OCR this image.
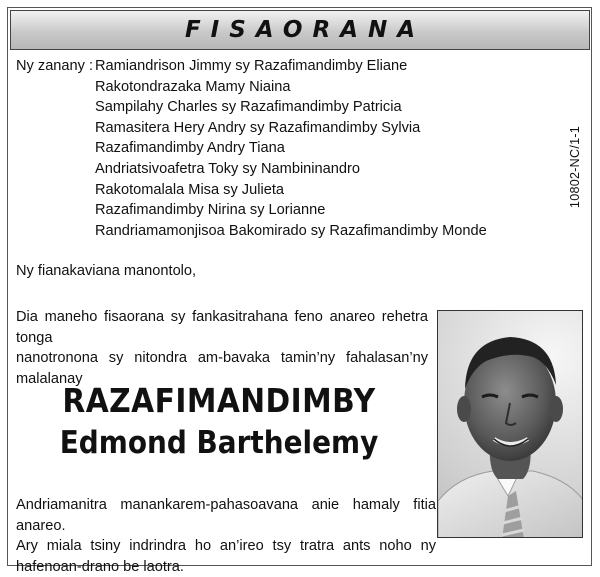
FISAORANA
Ny zanany : Ramiandrison Jimmy sy Razafimandimby Eliane
Rakotondrazaka Mamy Niaina
Sampilahy Charles sy Razafimandimby Patricia
Ramasitera Hery Andry sy Razafimandimby Sylvia
Razafimandimby Andry Tiana
Andriatsivoafetra Toky sy Nambininandro
Rakotomalala Misa sy Julieta
Razafimandimby Nirina sy Lorianne
Randriamamonjisoa Bakomirado sy Razafimandimby Monde
10802-NC/1-1
Ny fianakaviana manontolo,
Dia maneho fisaorana sy fankasitrahana feno anareo rehetra tonga
nanotronona sy nitondra am-bavaka tamin’ny fahalasan’ny
malalanay
RAZAFIMANDIMBY
Edmond Barthelemy
Andriamanitra manankarem-pahasoavana anie hamaly fitia anareo.
Ary miala tsiny indrindra ho an’ireo tsy tratra ants noho ny
hafenoan-drano be laotra.
